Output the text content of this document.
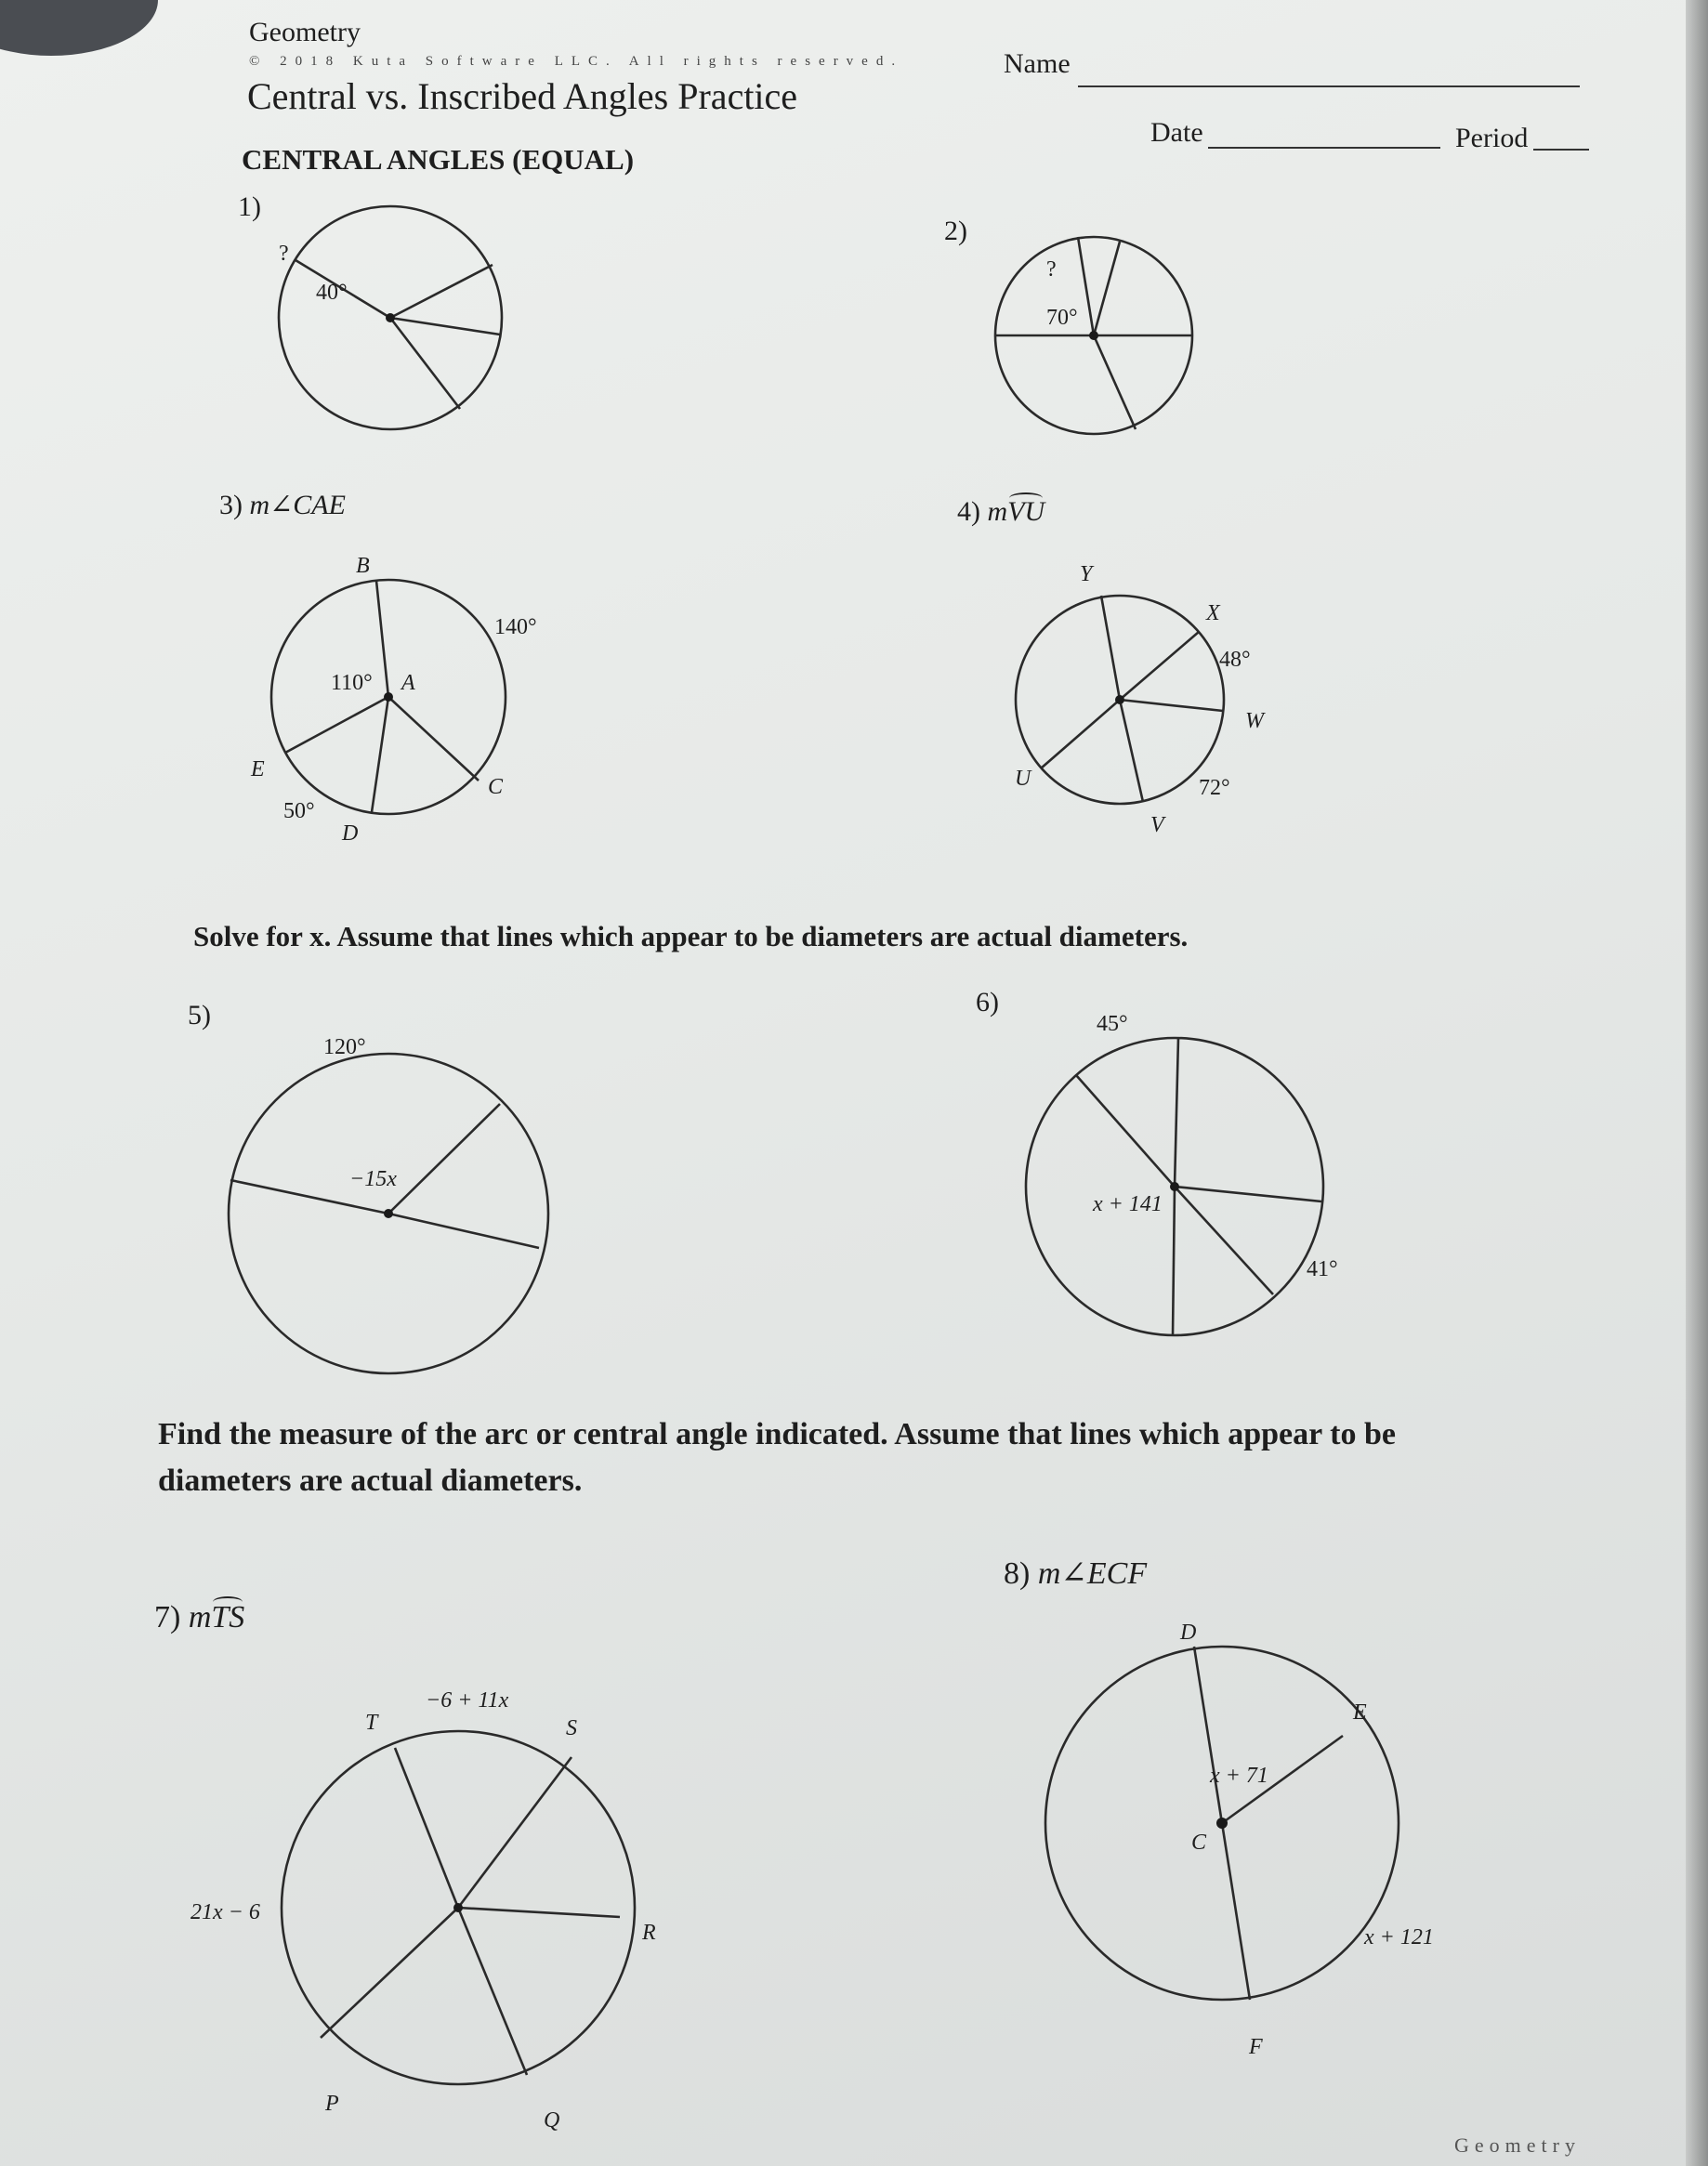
Geometry
© 2018 Kuta Software LLC. All rights reserved.
Central vs. Inscribed Angles Practice
Name
Date	Period
CENTRAL ANGLES (EQUAL)
1)
?
40°
2)
?
70°
3) m∠CAE
B
A
E
C
D
140°
110°
50°
4) mVU
Y
X
W
U
V
48°
72°
Solve for x. Assume that lines which appear to be diameters are actual diameters.
5)
120°
−15x
6)
45°
x + 141
41°
Find the measure of the arc or central angle indicated. Assume that lines which appear to be
diameters are actual diameters.
7) mTS
T	S
R
P
Q
−6 + 11x
21x − 6
8) m∠ECF
D
E
C
F
x + 71
x + 121
Geometry
